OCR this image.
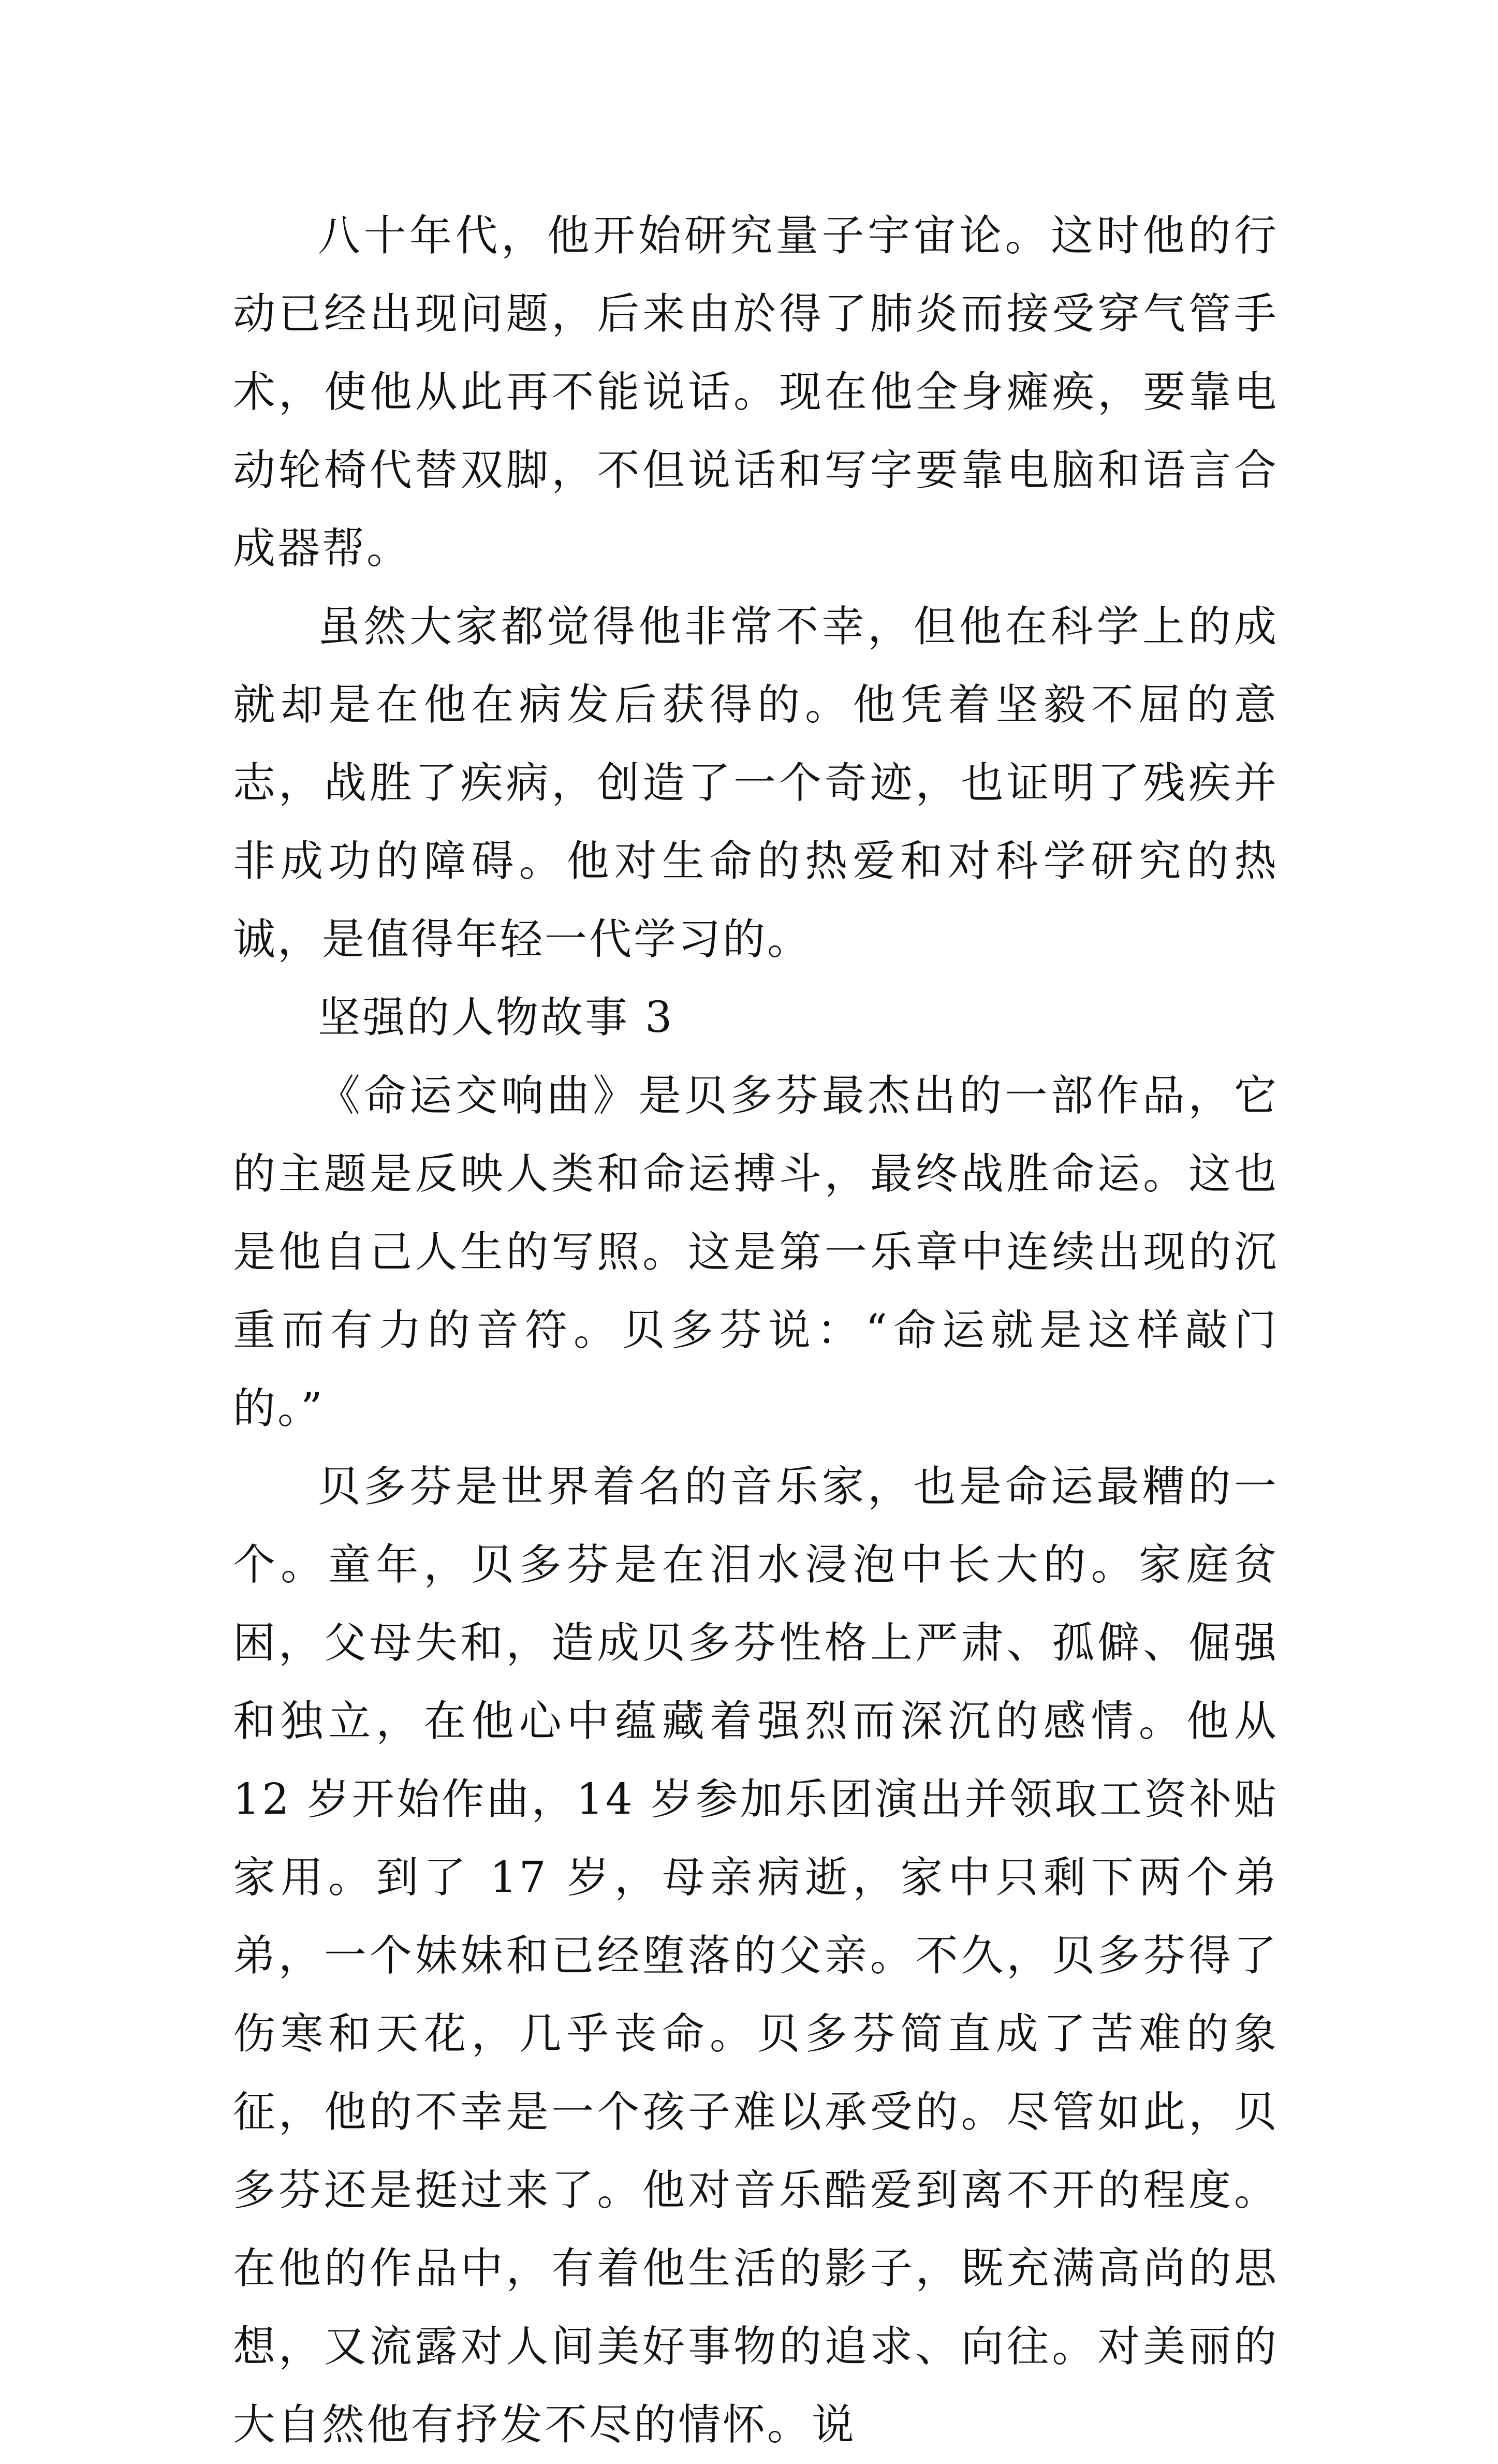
八十年代，他开始研究量子宇宙论。这时他的行动已经出现问题，后来由於得了肺炎而接受穿气管手术，使他从此再不能说话。现在他全身瘫痪，要靠电动轮椅代替双脚，不但说话和写字要靠电脑和语言合成器帮。

虽然大家都觉得他非常不幸，但他在科学上的成就却是在他在病发后获得的。他凭着坚毅不屈的意志，战胜了疾病，创造了一个奇迹，也证明了残疾并非成功的障碍。他对生命的热爱和对科学研究的热诚，是值得年轻一代学习的。

坚强的人物故事 3

《命运交响曲》是贝多芬最杰出的一部作品，它的主题是反映人类和命运搏斗，最终战胜命运。这也是他自己人生的写照。这是第一乐章中连续出现的沉重而有力的音符。贝多芬说：“命运就是这样敲门的。”

贝多芬是世界着名的音乐家，也是命运最糟的一个。童年，贝多芬是在泪水浸泡中长大的。家庭贫困，父母失和，造成贝多芬性格上严肃、孤僻、倔强和独立，在他心中蕴藏着强烈而深沉的感情。他从 12 岁开始作曲，14 岁参加乐团演出并领取工资补贴家用。到了 17 岁，母亲病逝，家中只剩下两个弟弟，一个妹妹和已经堕落的父亲。不久，贝多芬得了伤寒和天花，几乎丧命。贝多芬简直成了苦难的象征，他的不幸是一个孩子难以承受的。尽管如此，贝多芬还是挺过来了。他对音乐酷爱到离不开的程度。在他的作品中，有着他生活的影子，既充满高尚的思想，又流露对人间美好事物的追求、向往。对美丽的大自然他有抒发不尽的情怀。说
